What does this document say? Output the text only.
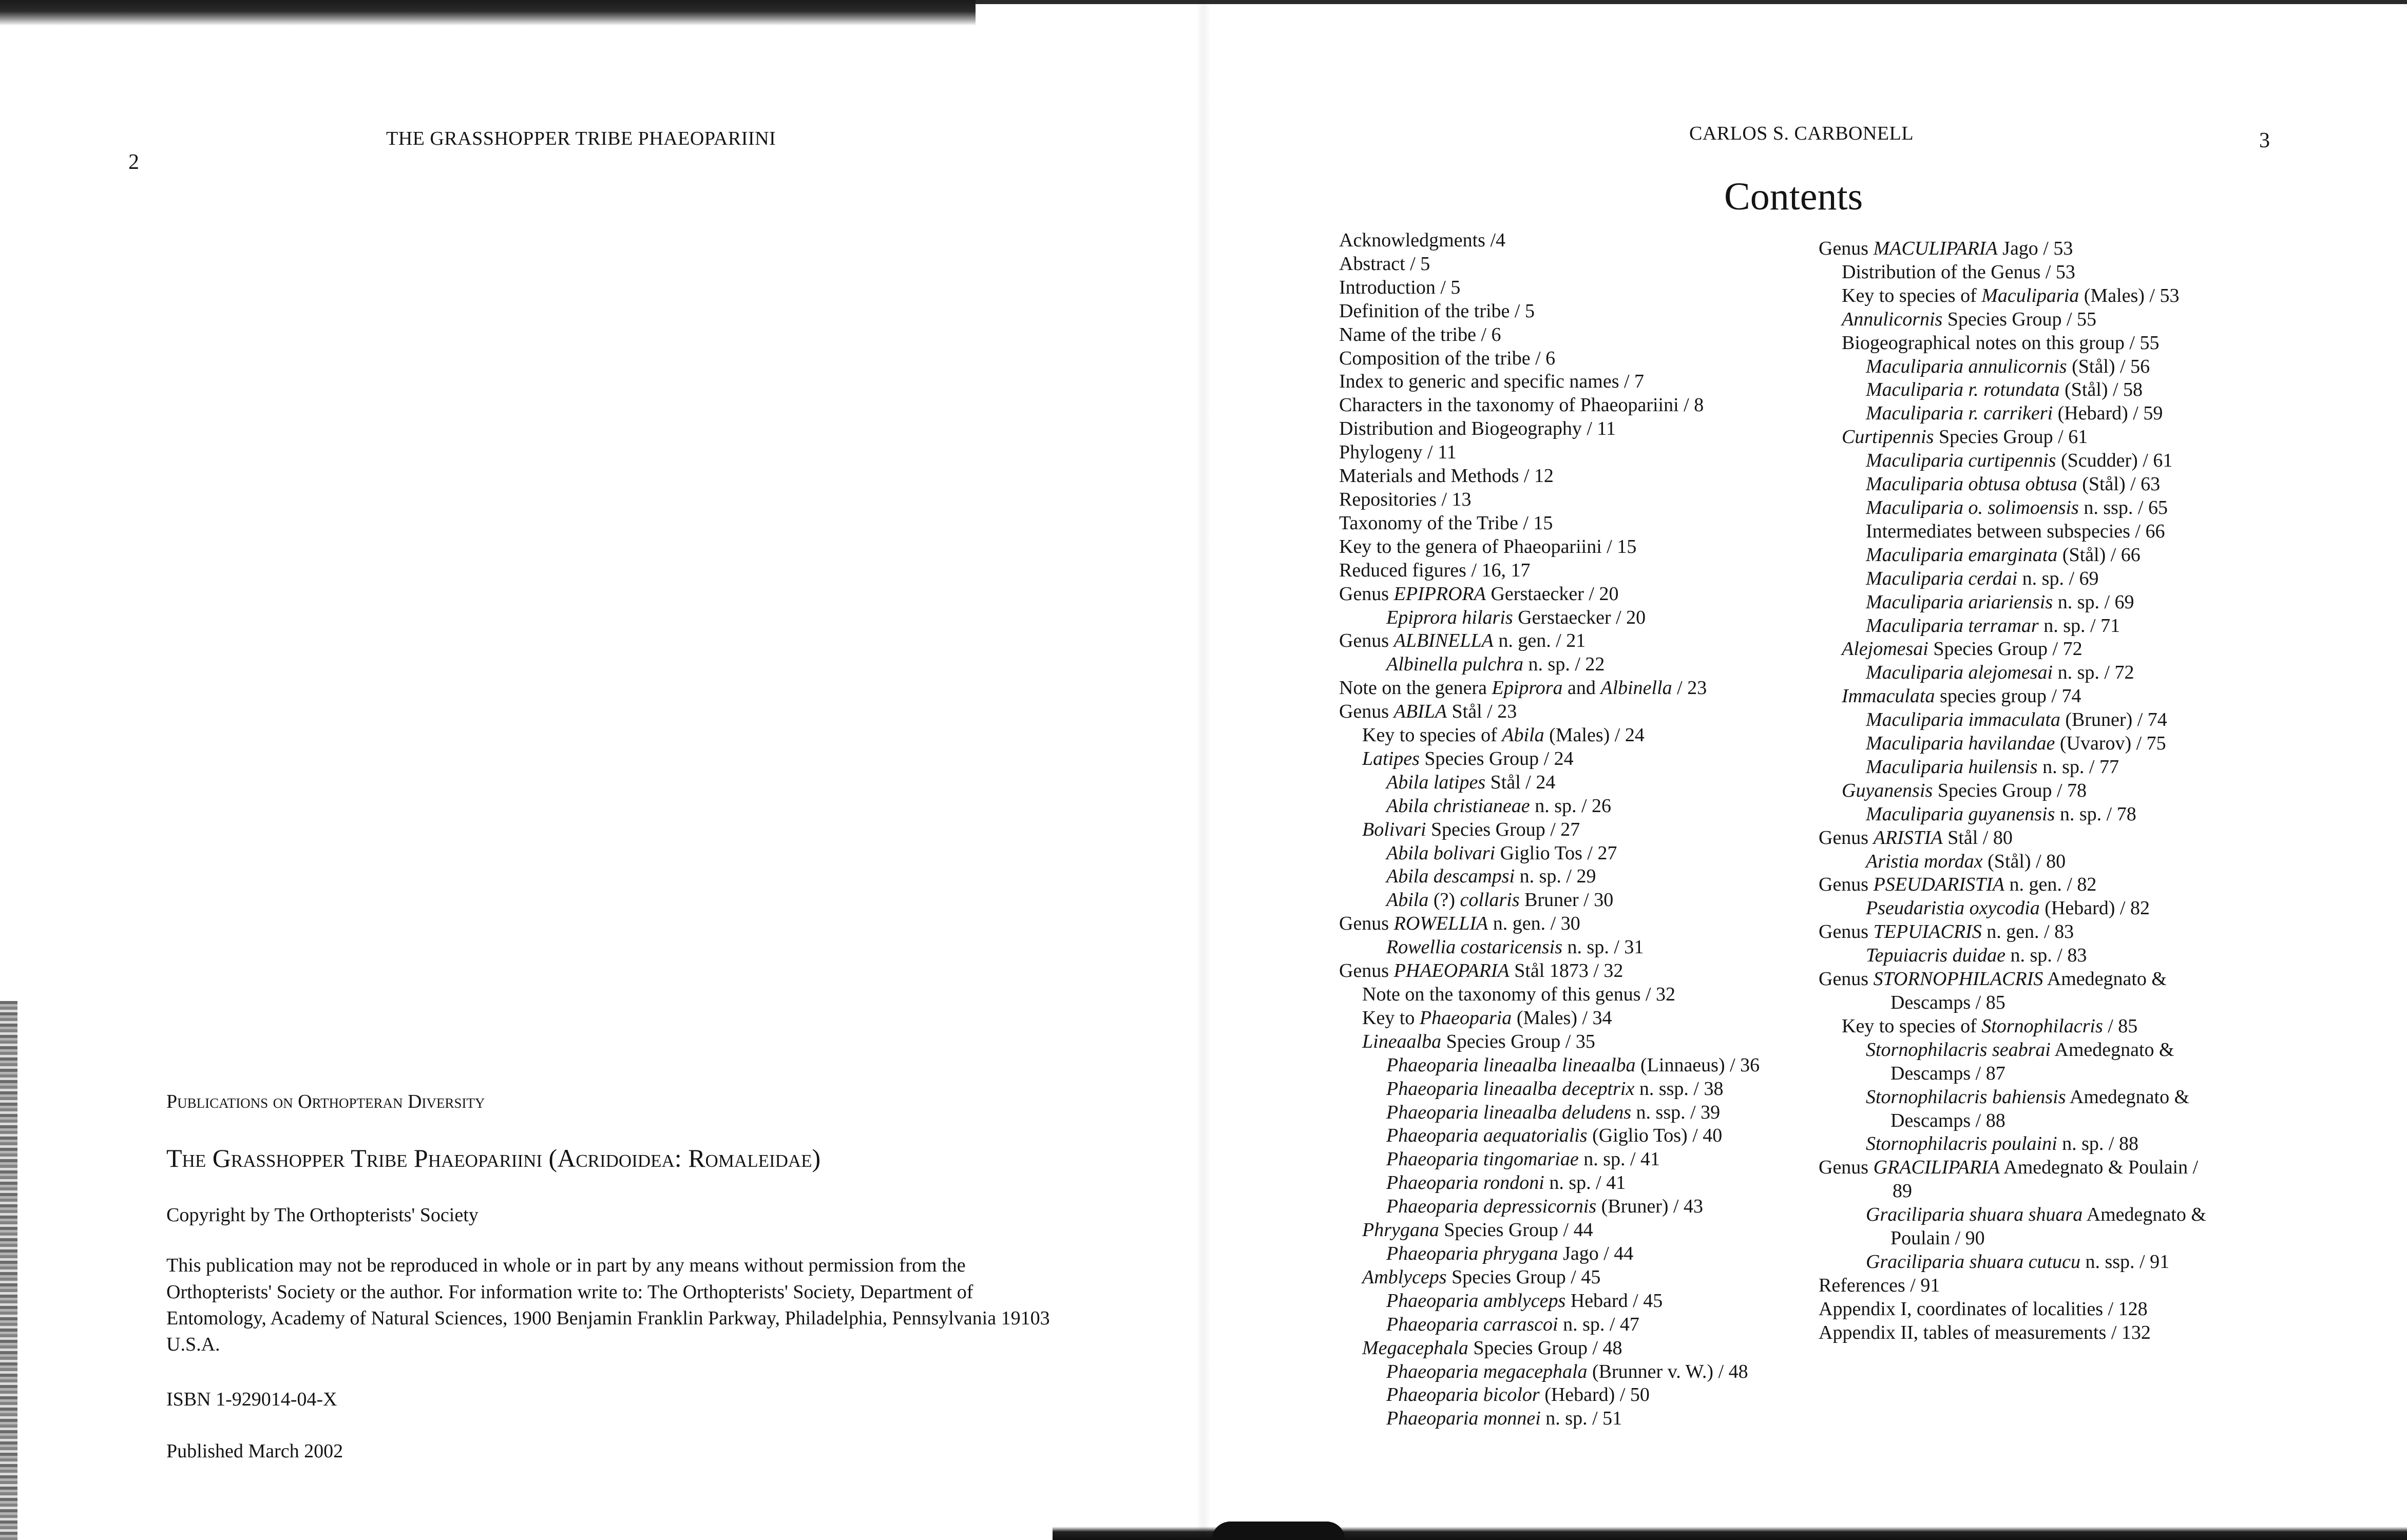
2
THE GRASSHOPPER TRIBE PHAEOPARIINI
Publications on Orthopteran Diversity
The Grasshopper Tribe Phaeopariini (Acridoidea: Romaleidae)
Copyright by The Orthopterists' Society
This publication may not be reproduced in whole or in part by any means without permission from the Orthopterists' Society or the author. For information write to: The Orthopterists' Society, Department of Entomology, Academy of Natural Sciences, 1900 Benjamin Franklin Parkway, Philadelphia, Pennsylvania 19103 U.S.A.
ISBN 1-929014-04-X
Published March 2002
CARLOS S. CARBONELL	3
Contents
Acknowledgments /4
Abstract / 5
Introduction / 5
Definition of the tribe / 5
Name of the tribe / 6
Composition of the tribe / 6
Index to generic and specific names / 7
Characters in the taxonomy of Phaeopariini / 8
Distribution and Biogeography / 11
Phylogeny / 11
Materials and Methods / 12
Repositories / 13
Taxonomy of the Tribe / 15
Key to the genera of Phaeopariini / 15
Reduced figures / 16, 17
Genus EPIPRORA Gerstaecker / 20
Epiprora hilaris Gerstaecker / 20
Genus ALBINELLA n. gen. / 21
Albinella pulchra n. sp. / 22
Note on the genera Epiprora and Albinella / 23
Genus ABILA Stål / 23
Key to species of Abila (Males) / 24
Latipes Species Group / 24
Abila latipes Stål / 24
Abila christianeae n. sp. / 26
Bolivari Species Group / 27
Abila bolivari Giglio Tos / 27
Abila descampsi n. sp. / 29
Abila (?) collaris Bruner / 30
Genus ROWELLIA n. gen. / 30
Rowellia costaricensis n. sp. / 31
Genus PHAEOPARIA Stål 1873 / 32
Note on the taxonomy of this genus / 32
Key to Phaeoparia (Males) / 34
Lineaalba Species Group / 35
Phaeoparia lineaalba lineaalba (Linnaeus) / 36
Phaeoparia lineaalba deceptrix n. ssp. / 38
Phaeoparia lineaalba deludens n. ssp. / 39
Phaeoparia aequatorialis (Giglio Tos) / 40
Phaeoparia tingomariae n. sp. / 41
Phaeoparia rondoni n. sp. / 41
Phaeoparia depressicornis (Bruner) / 43
Phrygana Species Group / 44
Phaeoparia phrygana Jago / 44
Amblyceps Species Group / 45
Phaeoparia amblyceps Hebard / 45
Phaeoparia carrascoi n. sp. / 47
Megacephala Species Group / 48
Phaeoparia megacephala (Brunner v. W.) / 48
Phaeoparia bicolor (Hebard) / 50
Phaeoparia monnei n. sp. / 51
Genus MACULIPARIA Jago / 53
Distribution of the Genus / 53
Key to species of Maculiparia (Males) / 53
Annulicornis Species Group / 55
Biogeographical notes on this group / 55
Maculiparia annulicornis (Stål) / 56
Maculiparia r. rotundata (Stål) / 58
Maculiparia r. carrikeri (Hebard) / 59
Curtipennis Species Group / 61
Maculiparia curtipennis (Scudder) / 61
Maculiparia obtusa obtusa (Stål) / 63
Maculiparia o. solimoensis n. ssp. / 65
Intermediates between subspecies / 66
Maculiparia emarginata (Stål) / 66
Maculiparia cerdai n. sp. / 69
Maculiparia ariariensis n. sp. / 69
Maculiparia terramar n. sp. / 71
Alejomesai Species Group / 72
Maculiparia alejomesai n. sp. / 72
Immaculata species group / 74
Maculiparia immaculata (Bruner) / 74
Maculiparia havilandae (Uvarov) / 75
Maculiparia huilensis n. sp. / 77
Guyanensis Species Group / 78
Maculiparia guyanensis n. sp. / 78
Genus ARISTIA Stål / 80
Aristia mordax (Stål) / 80
Genus PSEUDARISTIA n. gen. / 82
Pseudaristia oxycodia (Hebard) / 82
Genus TEPUIACRIS n. gen. / 83
Tepuiacris duidae n. sp. / 83
Genus STORNOPHILACRIS Amedegnato &
Descamps / 85
Key to species of Stornophilacris / 85
Stornophilacris seabrai Amedegnato &
Descamps / 87
Stornophilacris bahiensis Amedegnato &
Descamps / 88
Stornophilacris poulaini n. sp. / 88
Genus GRACILIPARIA Amedegnato & Poulain /
89
Graciliparia shuara shuara Amedegnato &
Poulain / 90
Graciliparia shuara cutucu n. ssp. / 91
References / 91
Appendix I, coordinates of localities / 128
Appendix II, tables of measurements / 132
